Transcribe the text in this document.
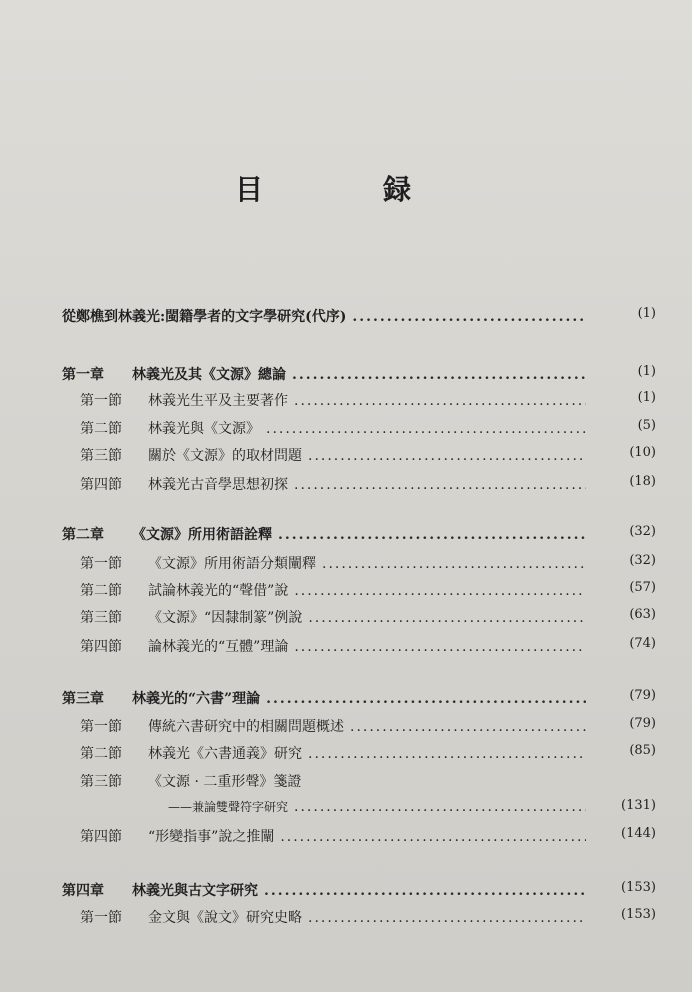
目　録
從鄭樵到林義光:閩籍學者的文字學研究(代序) .....	(1)
第一章	林義光及其《文源》總論 .....	(1)
第一節	林義光生平及主要著作 .....	(1)
第二節	林義光與《文源》 .....	(5)
第三節	關於《文源》的取材問題 .....	(10)
第四節	林義光古音學思想初探 .....	(18)
第二章	《文源》所用術語詮釋 .....	(32)
第一節	《文源》所用術語分類闡釋 .....	(32)
第二節	試論林義光的“聲借”說 .....	(57)
第三節	《文源》“因隸制篆”例說 .....	(63)
第四節	論林義光的“互體”理論 .....	(74)
第三章	林義光的“六書”理論 .....	(79)
第一節	傳統六書研究中的相關問題概述 .....	(79)
第二節	林義光《六書通義》研究 .....	(85)
第三節	《文源 · 二重形聲》箋證
——兼論雙聲符字研究 .....	(131)
第四節	“形變指事”說之推闡 .....	(144)
第四章	林義光與古文字研究 .....	(153)
第一節	金文與《說文》研究史略 .....	(153)
